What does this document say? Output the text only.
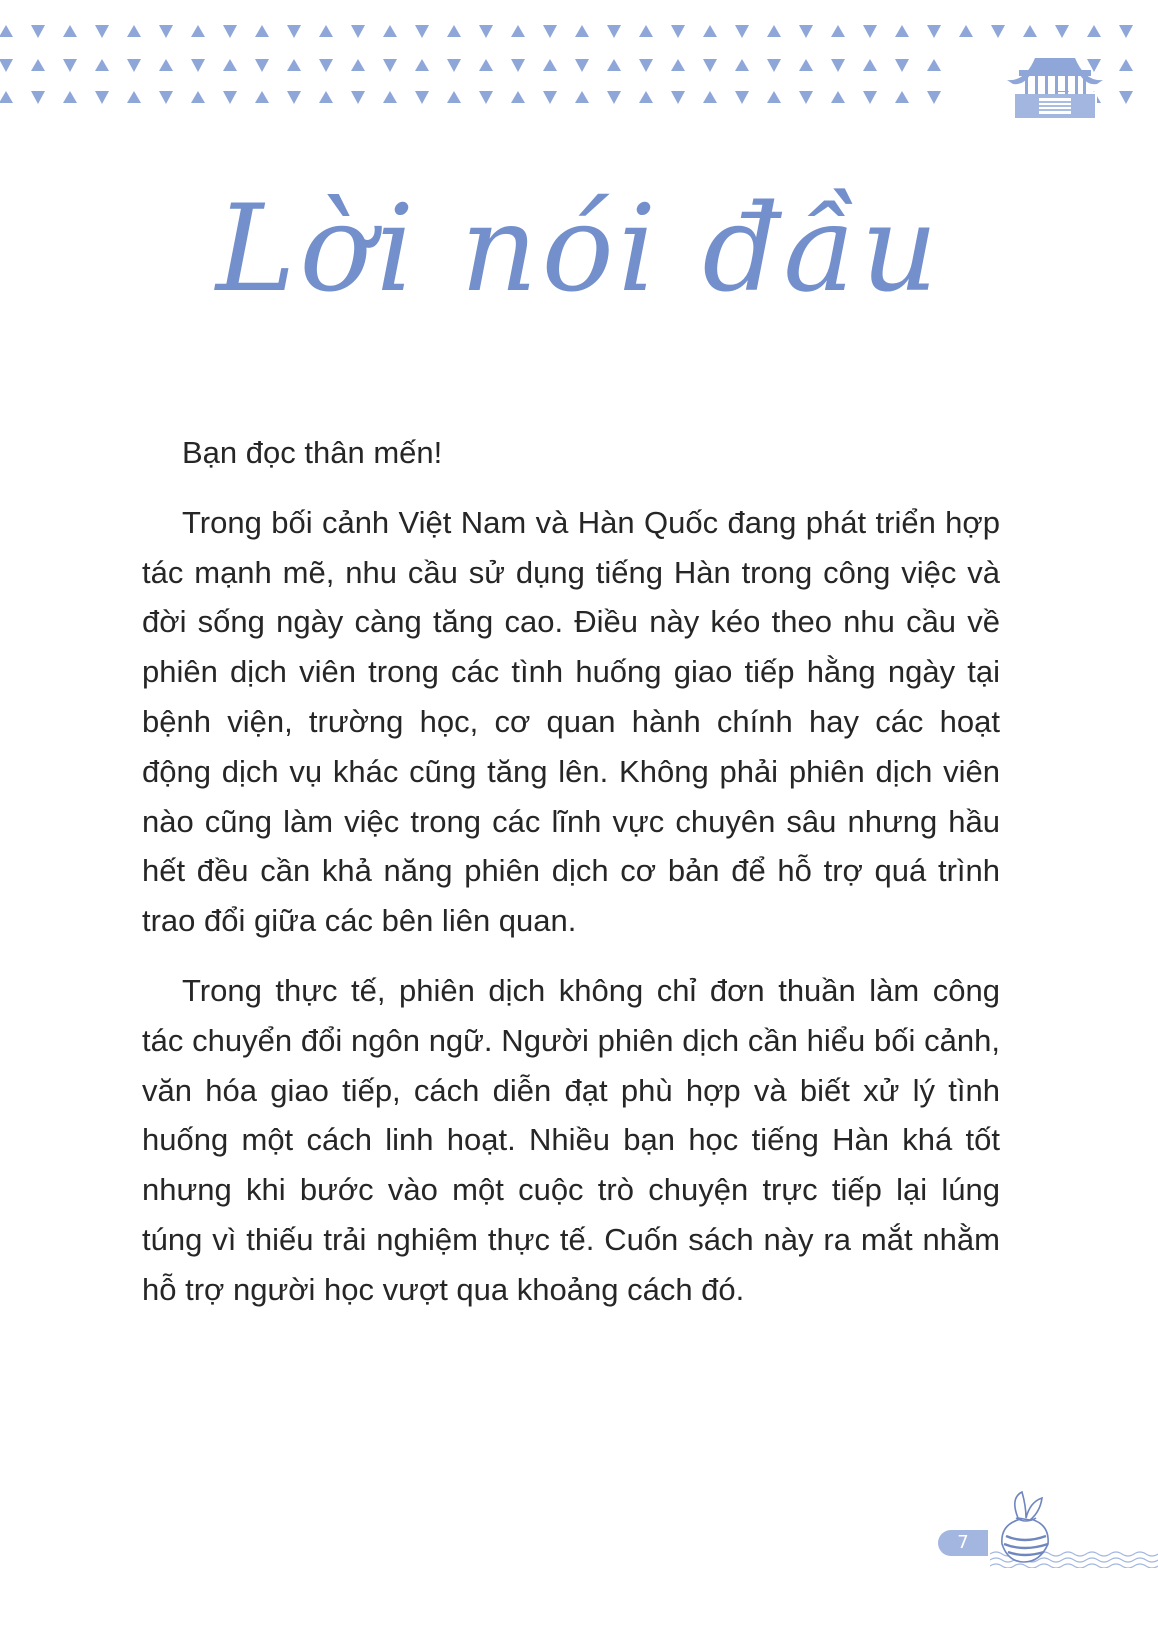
Lời nói đầu

Bạn đọc thân mến!

Trong bối cảnh Việt Nam và Hàn Quốc đang phát triển hợp tác mạnh mẽ, nhu cầu sử dụng tiếng Hàn trong công việc và đời sống ngày càng tăng cao. Điều này kéo theo nhu cầu về phiên dịch viên trong các tình huống giao tiếp hằng ngày tại bệnh viện, trường học, cơ quan hành chính hay các hoạt động dịch vụ khác cũng tăng lên. Không phải phiên dịch viên nào cũng làm việc trong các lĩnh vực chuyên sâu nhưng hầu hết đều cần khả năng phiên dịch cơ bản để hỗ trợ quá trình trao đổi giữa các bên liên quan.

Trong thực tế, phiên dịch không chỉ đơn thuần làm công tác chuyển đổi ngôn ngữ. Người phiên dịch cần hiểu bối cảnh, văn hóa giao tiếp, cách diễn đạt phù hợp và biết xử lý tình huống một cách linh hoạt. Nhiều bạn học tiếng Hàn khá tốt nhưng khi bước vào một cuộc trò chuyện trực tiếp lại lúng túng vì thiếu trải nghiệm thực tế. Cuốn sách này ra mắt nhằm hỗ trợ người học vượt qua khoảng cách đó.

7
